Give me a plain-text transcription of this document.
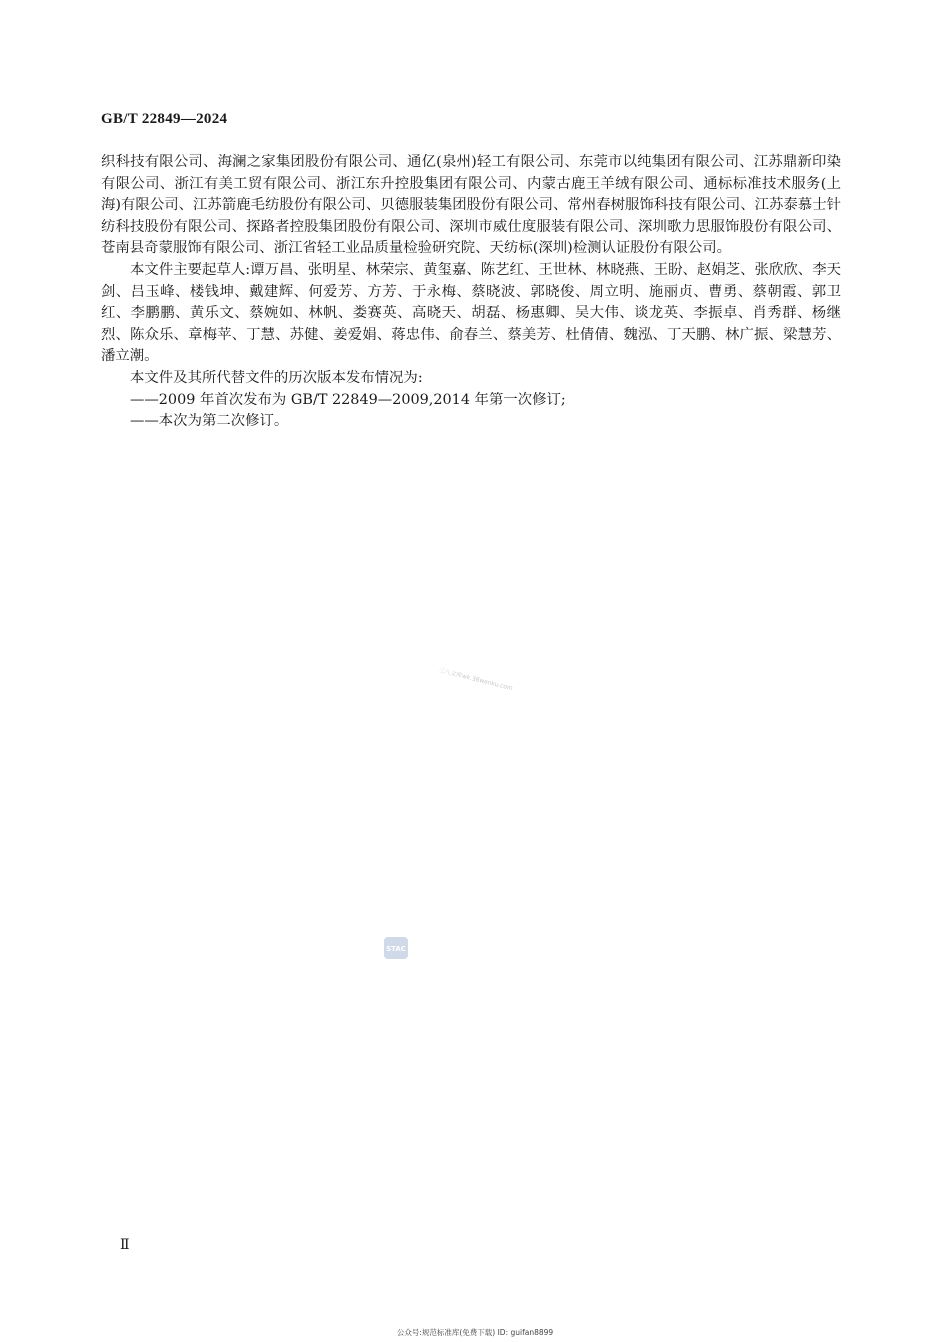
GB/T 22849—2024

织科技有限公司、海澜之家集团股份有限公司、通亿(泉州)轻工有限公司、东莞市以纯集团有限公司、江苏鼎新印染有限公司、浙江有美工贸有限公司、浙江东升控股集团有限公司、内蒙古鹿王羊绒有限公司、通标标准技术服务(上海)有限公司、江苏箭鹿毛纺股份有限公司、贝德服装集团股份有限公司、常州春树服饰科技有限公司、江苏泰慕士针纺科技股份有限公司、探路者控股集团股份有限公司、深圳市威仕度服装有限公司、深圳歌力思服饰股份有限公司、苍南县奇蒙服饰有限公司、浙江省轻工业品质量检验研究院、天纺标(深圳)检测认证股份有限公司。

本文件主要起草人:谭万昌、张明星、林荣宗、黄玺嘉、陈艺红、王世林、林晓燕、王盼、赵娟芝、张欣欣、李天剑、吕玉峰、楼钱坤、戴建辉、何爱芳、方芳、于永梅、蔡晓波、郭晓俊、周立明、施丽贞、曹勇、蔡朝霞、郭卫红、李鹏鹏、黄乐文、蔡婉如、林帆、娄赛英、高晓天、胡磊、杨惠卿、吴大伟、谈龙英、李振卓、肖秀群、杨继烈、陈众乐、章梅苹、丁慧、苏健、姜爱娟、蒋忠伟、俞春兰、蔡美芳、杜倩倩、魏泓、丁天鹏、林广振、梁慧芳、潘立潮。

本文件及其所代替文件的历次版本发布情况为:

——2009 年首次发布为 GB/T 22849—2009,2014 年第一次修订;

——本次为第二次修订。

三八文库wk.38wenku.com
STAC
Ⅱ
公众号:规范标准库(免费下载) ID: guifan8899
